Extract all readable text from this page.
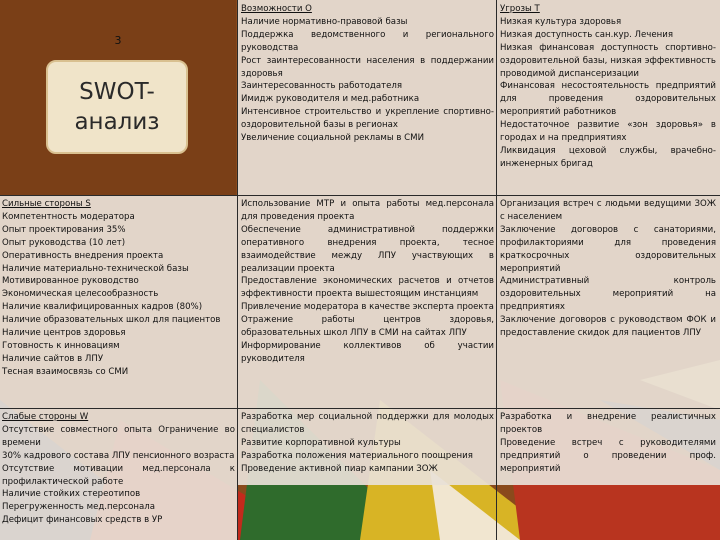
3
SWOT-
анализ

Возможности О

Наличие нормативно-правовой базы

Поддержка ведомственного и регионального руководства

Рост заинтересованности населения в поддержании здоровья

Заинтересованность работодателя

Имидж руководителя и мед.работника

Интенсивное строительство и укрепление спортивно-оздоровительной базы в регионах

Увеличение социальной рекламы в СМИ

Угрозы Т

Низкая культура здоровья

Низкая доступность сан.кур. Лечения

Низкая финансовая доступность спортивно-оздоровительной базы, низкая эффективность проводимой диспансеризации

Финансовая несостоятельность предприятий для проведения оздоровительных мероприятий работников

Недостаточное развитие «зон здоровья» в городах и на предприятиях

Ликвидация цеховой службы, врачебно-инженерных бригад

Сильные стороны S

Компетентность модератора

Опыт проектирования 35%

Опыт руководства (10 лет)

Оперативность внедрения проекта

Наличие материально-технической базы

Мотивированное руководство

Экономическая целесообразность

Наличие квалифицированных кадров (80%)

Наличие образовательных школ для пациентов

Наличие центров здоровья

Готовность к инновациям

Наличие сайтов в ЛПУ

Тесная взаимосвязь со СМИ

Использование МТР и опыта работы мед.персонала для проведения проекта

Обеспечение административной поддержки оперативного внедрения проекта, тесное взаимодействие между ЛПУ участвующих в реализации проекта

Предоставление экономических расчетов и отчетов эффективности проекта вышестоящим инстанциям

Привлечение модератора в качестве эксперта проекта

Отражение работы центров здоровья, образовательных школ ЛПУ в СМИ на сайтах ЛПУ

Информирование коллективов об участии руководителя

Организация встреч с людьми ведущими ЗОЖ с населением

Заключение договоров с санаториями, профилакториями для проведения краткосрочных оздоровительных мероприятий

Административный контроль оздоровительных мероприятий на предприятиях

Заключение договоров с руководством ФОК и предоставление скидок для пациентов ЛПУ

Слабые стороны W

Отсутствие совместного опыта Ограничение во времени

30% кадрового состава ЛПУ пенсионного возраста

Отсутствие мотивации мед.персонала к профилактической работе

Наличие стойких стереотипов

Перегруженность мед.персонала

Дефицит финансовых средств в УР

Разработка мер социальной поддержки для молодых специалистов

Развитие корпоративной культуры

Разработка положения материального поощрения

Проведение активной пиар кампании ЗОЖ

Разработка и внедрение реалистичных проектов

Проведение встреч с руководителями предприятий о проведении проф. мероприятий
